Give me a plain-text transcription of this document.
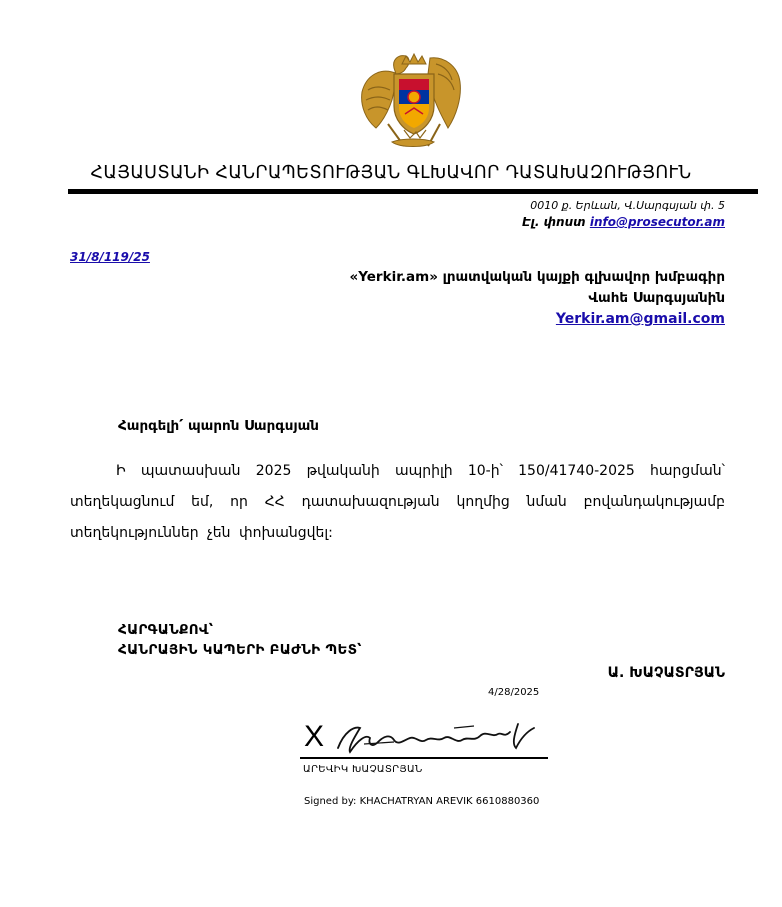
ՀԱՅԱՍՏԱՆԻ ՀԱՆՐԱՊԵՏՈՒԹՅԱՆ ԳԼԽԱՎՈՐ ԴԱՏԱԽԱԶՈՒԹՅՈՒՆ
0010 ք. Երևան, Վ.Սարգսյան փ. 5
Էլ. փոստ info@prosecutor.am
31/8/119/25
«Yerkir.am» լրատվական կայքի գլխավոր խմբագիր
Վահե Սարգսյանին
Yerkir.am@gmail.com
Հարգելի՛ պարոն Սարգսյան
Ի պատասխան 2025 թվականի ապրիլի 10-ի՝ 150/41740-2025 հարցման՝ տեղեկացնում եմ, որ ՀՀ դատախազության կողմից նման բովանդակությամբ տեղեկություններ չեն փոխանցվել:
ՀԱՐԳԱՆՔՈՎ՝
ՀԱՆՐԱՅԻՆ ԿԱՊԵՐԻ ԲԱԺՆԻ ՊԵՏ՝
Ա. ԽԱՉԱՏՐՅԱՆ
4/28/2025
X
ԱՐԵՎԻԿ ԽԱՉԱՏՐՅԱՆ
Signed by: KHACHATRYAN AREVIK 6610880360
